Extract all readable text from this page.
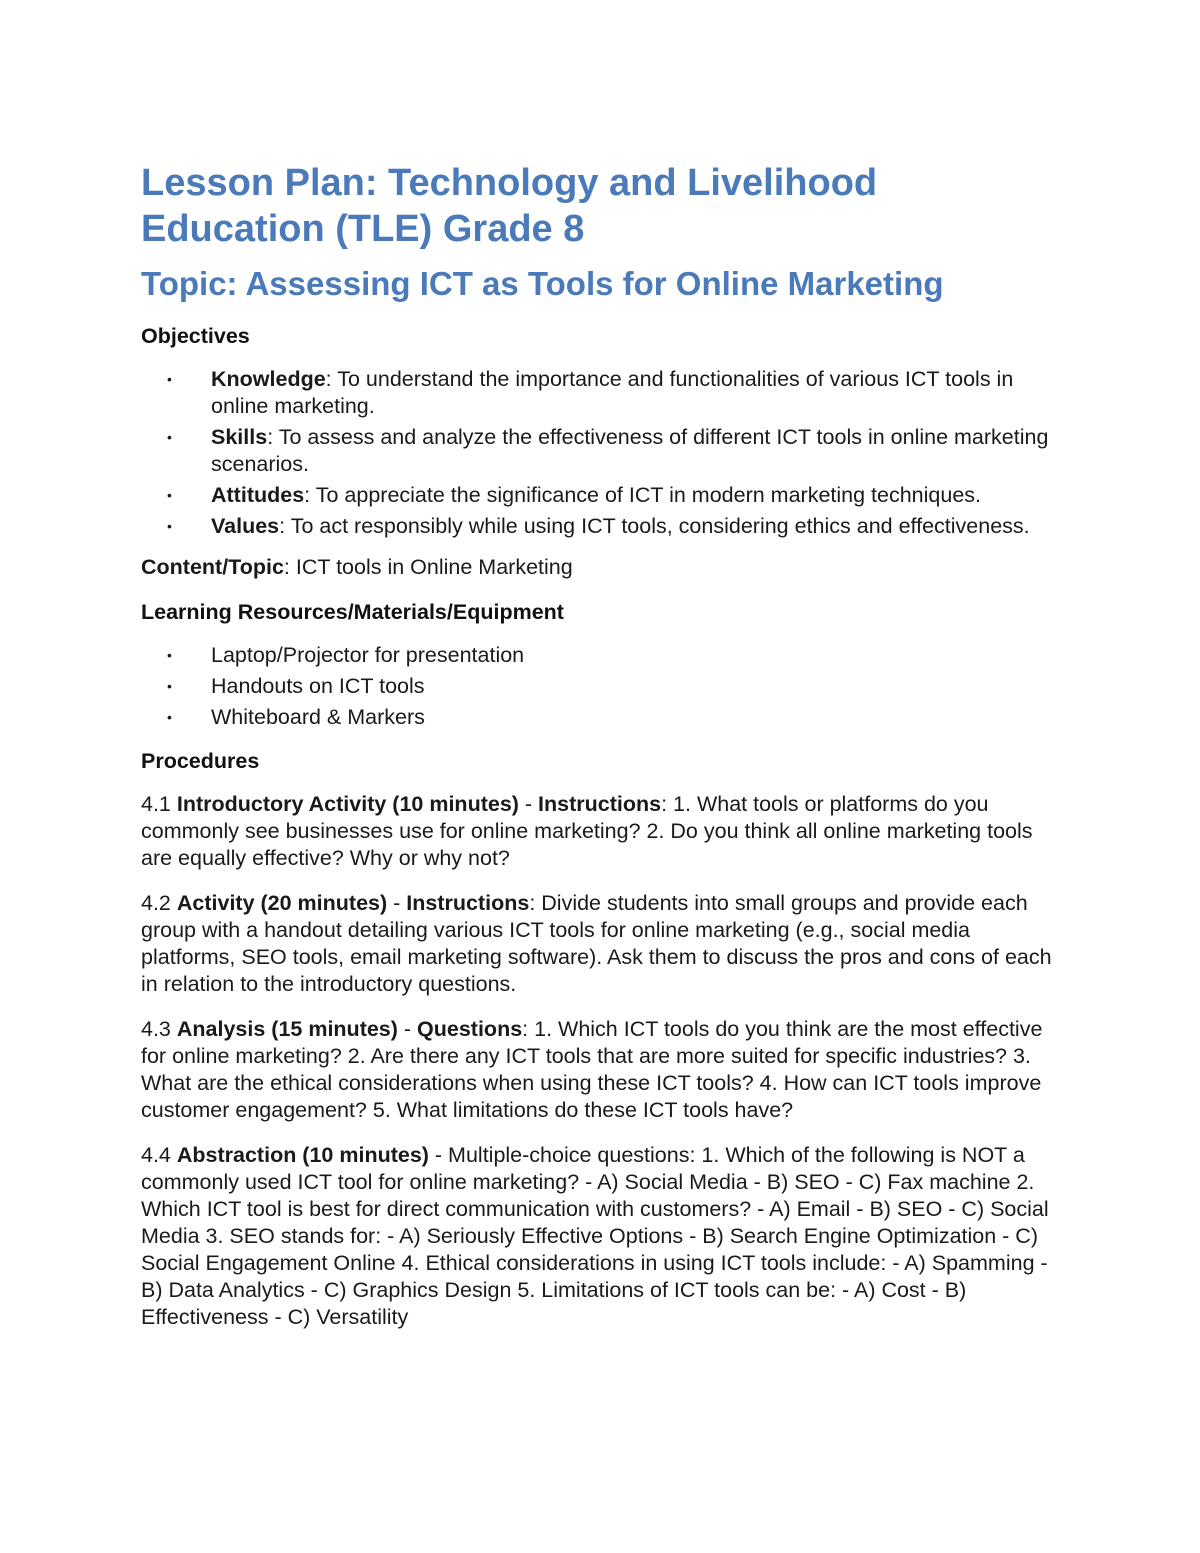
Lesson Plan: Technology and Livelihood Education (TLE) Grade 8
Topic: Assessing ICT as Tools for Online Marketing

Objectives

• Knowledge: To understand the importance and functionalities of various ICT tools in online marketing.
• Skills: To assess and analyze the effectiveness of different ICT tools in online marketing scenarios.
• Attitudes: To appreciate the significance of ICT in modern marketing techniques.
• Values: To act responsibly while using ICT tools, considering ethics and effectiveness.

Content/Topic: ICT tools in Online Marketing

Learning Resources/Materials/Equipment

• Laptop/Projector for presentation
• Handouts on ICT tools
• Whiteboard & Markers

Procedures

4.1 Introductory Activity (10 minutes) - Instructions: 1. What tools or platforms do you commonly see businesses use for online marketing? 2. Do you think all online marketing tools are equally effective? Why or why not?

4.2 Activity (20 minutes) - Instructions: Divide students into small groups and provide each group with a handout detailing various ICT tools for online marketing (e.g., social media platforms, SEO tools, email marketing software). Ask them to discuss the pros and cons of each in relation to the introductory questions.

4.3 Analysis (15 minutes) - Questions: 1. Which ICT tools do you think are the most effective for online marketing? 2. Are there any ICT tools that are more suited for specific industries? 3. What are the ethical considerations when using these ICT tools? 4. How can ICT tools improve customer engagement? 5. What limitations do these ICT tools have?

4.4 Abstraction (10 minutes) - Multiple-choice questions: 1. Which of the following is NOT a commonly used ICT tool for online marketing? - A) Social Media - B) SEO - C) Fax machine 2. Which ICT tool is best for direct communication with customers? - A) Email - B) SEO - C) Social Media 3. SEO stands for: - A) Seriously Effective Options - B) Search Engine Optimization - C) Social Engagement Online 4. Ethical considerations in using ICT tools include: - A) Spamming - B) Data Analytics - C) Graphics Design 5. Limitations of ICT tools can be: - A) Cost - B) Effectiveness - C) Versatility
